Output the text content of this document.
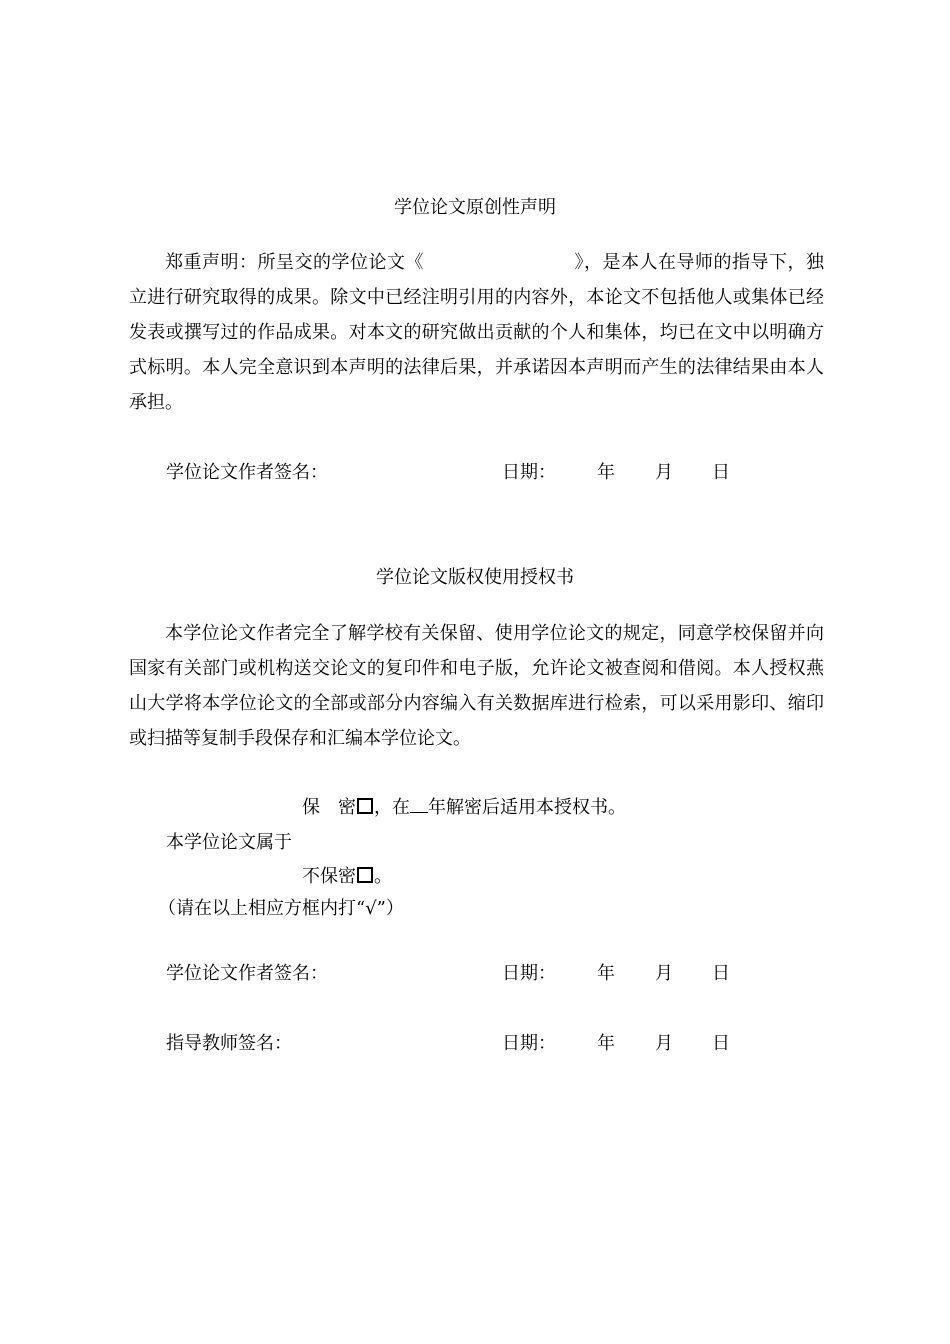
学位论文原创性声明
郑重声明：所呈交的学位论文《	》，是本人在导师的指导下，独立进行研究取得的成果。除文中已经注明引用的内容外，本论文不包括他人或集体已经发表或撰写过的作品成果。对本文的研究做出贡献的个人和集体，均已在文中以明确方式标明。本人完全意识到本声明的法律后果，并承诺因本声明而产生的法律结果由本人承担。
学位论文作者签名：	日期： 年 月 日
学位论文版权使用授权书
本学位论文作者完全了解学校有关保留、使用学位论文的规定，同意学校保留并向国家有关部门或机构送交论文的复印件和电子版，允许论文被查阅和借阅。本人授权燕山大学将本学位论文的全部或部分内容编入有关数据库进行检索，可以采用影印、缩印或扫描等复制手段保存和汇编本学位论文。
保　密 ，在 年解密后适用本授权书。
本学位论文属于
不保密 。
（请在以上相应方框内打“√”）
学位论文作者签名：	日期： 年 月 日
指导教师签名：	日期： 年 月 日
